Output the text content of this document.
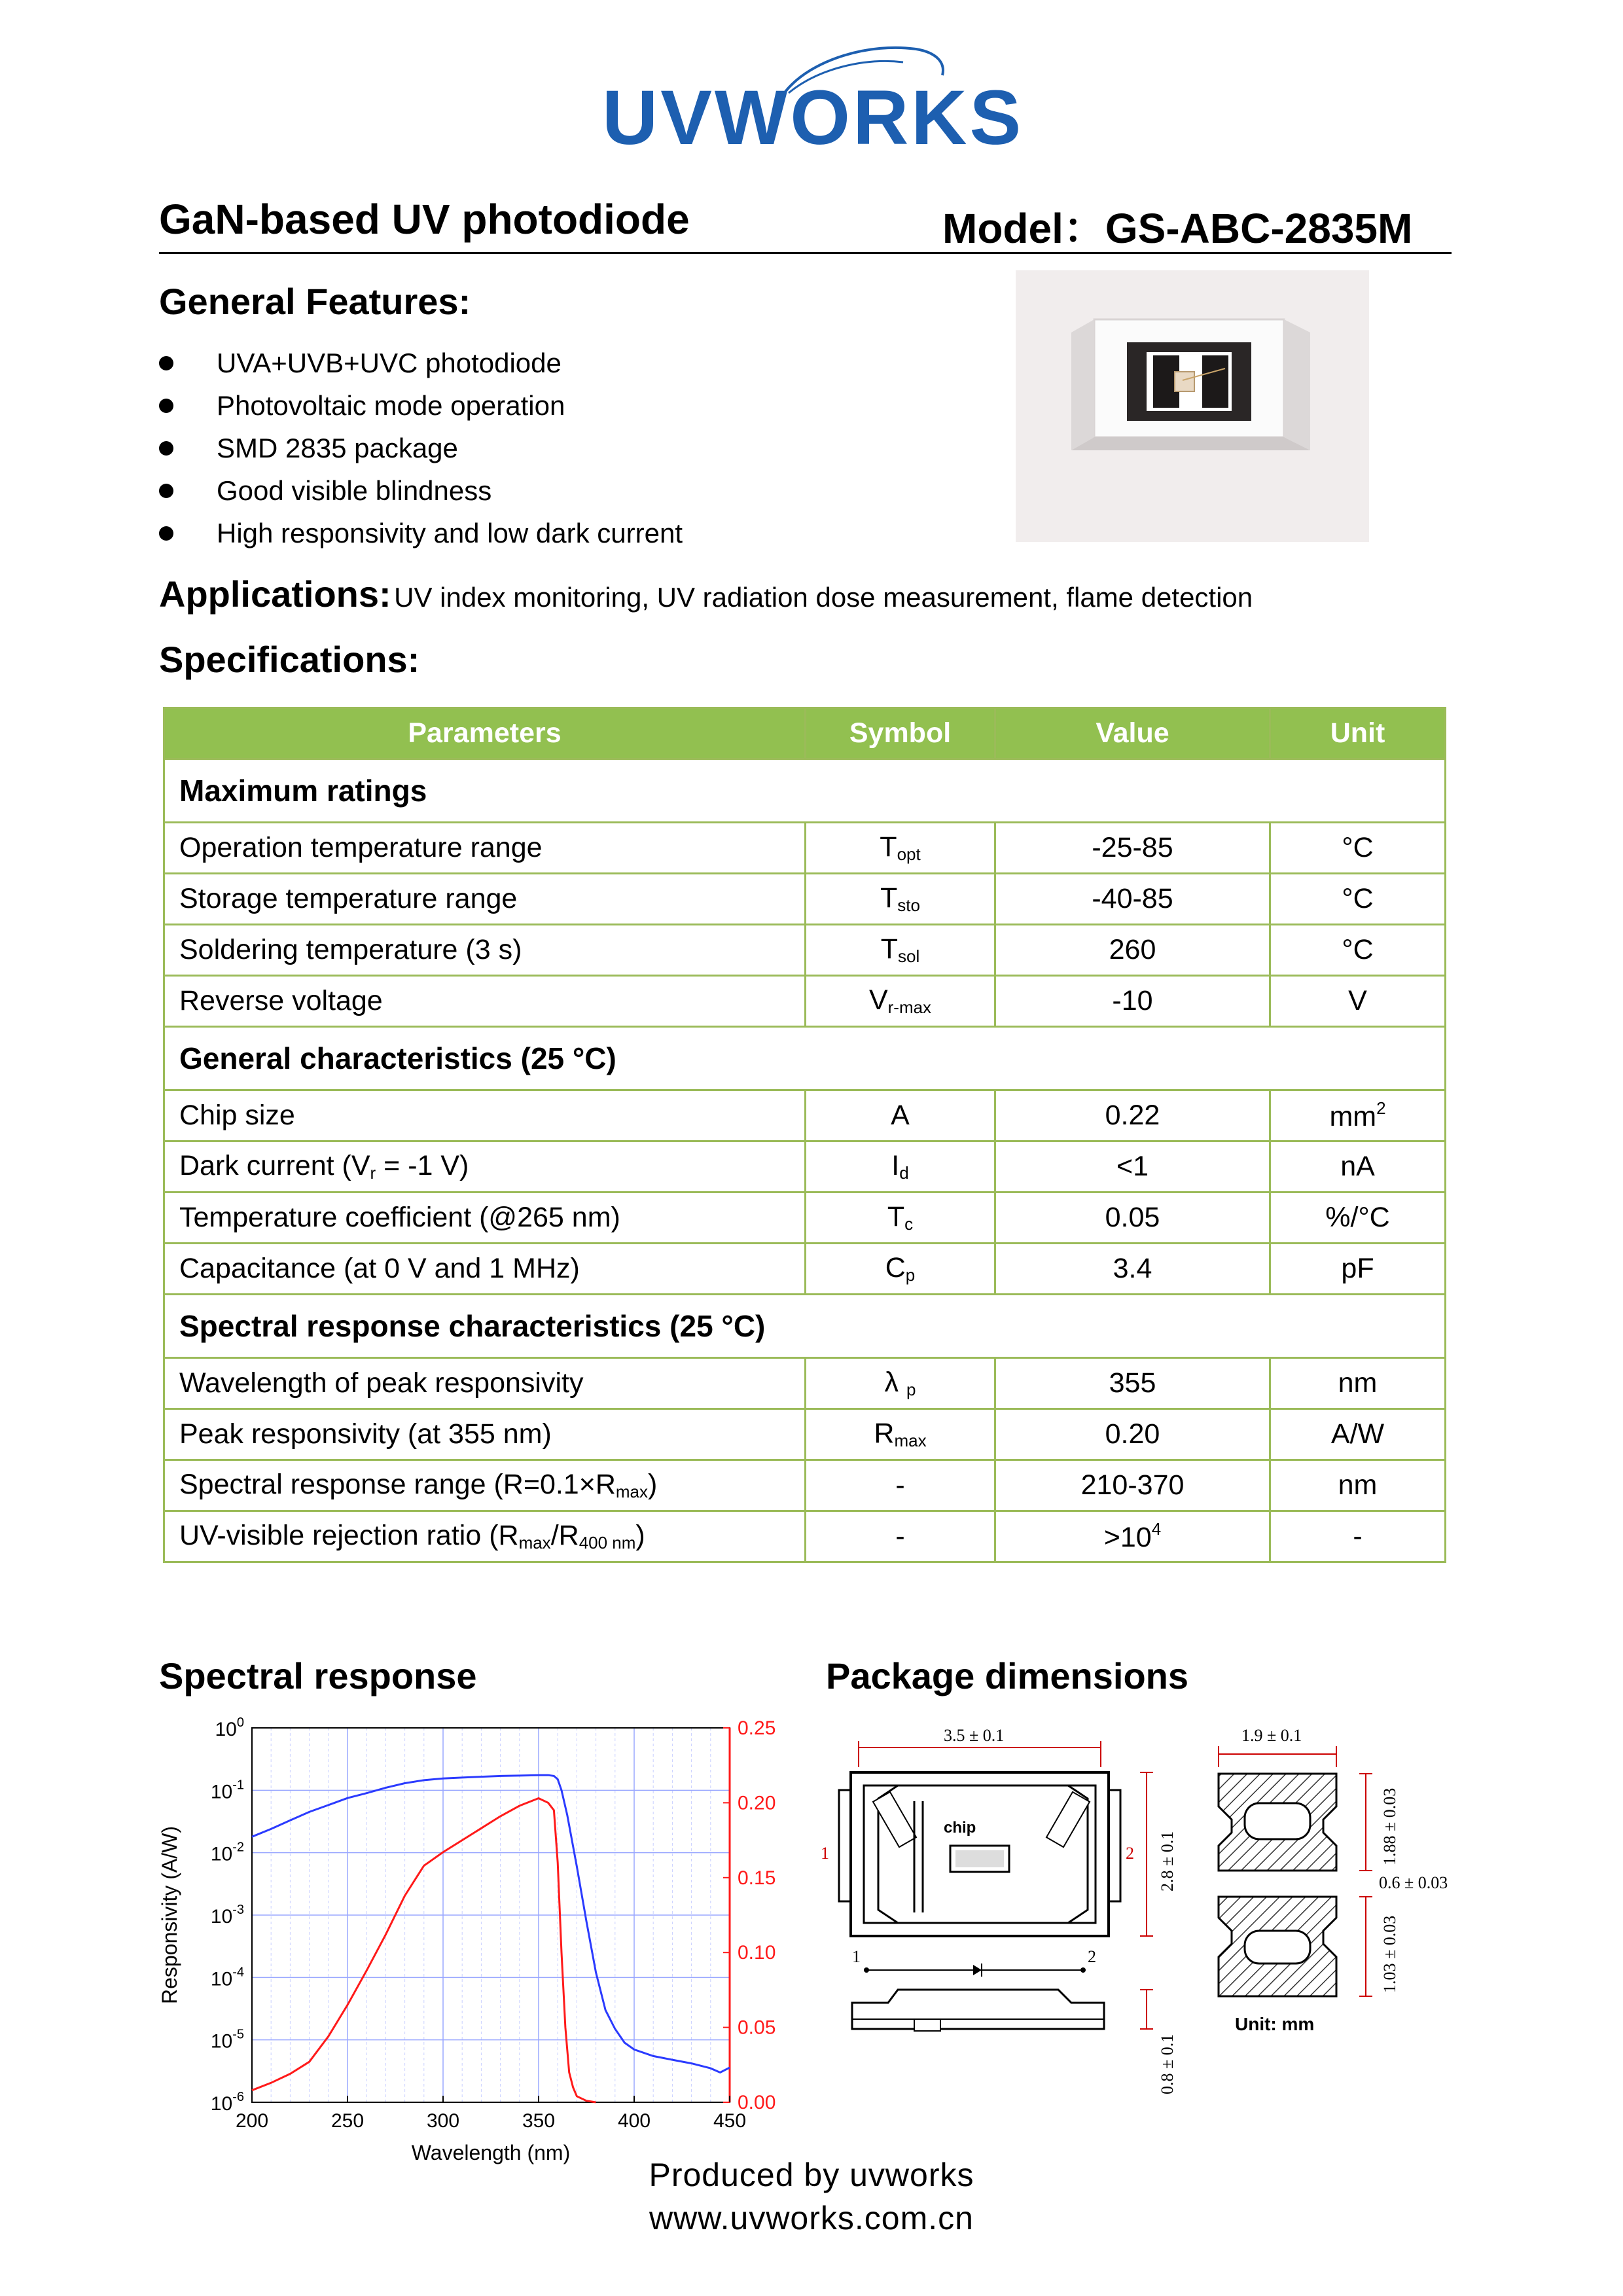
UVWORKS
GaN-based UV photodiode	Model：GS-ABC-2835M
General Features:
UVA+UVB+UVC photodiode
Photovoltaic mode operation
SMD 2835 package
Good visible blindness
High responsivity and low dark current
Applications: UV index monitoring, UV radiation dose measurement, flame detection
Specifications:
Parameters	Symbol	Value	Unit
Maximum ratings			
Operation temperature range	$T_{opt}$	-25-85	°C
Storage temperature range	$T_{sto}$	-40-85	°C
Soldering temperature (3 s)	$T_{sol}$	260	°C
Reverse voltage	$V_{r-max}$	-10	V
General characteristics (25 °C)			
Chip size	A	0.22	$mm^2$
Dark current ($V_r = -1$ V)	$I_d$	<1	nA
Temperature coefficient (@265 nm)	$T_c$	0.05	%/°C
Capacitance (at 0 V and 1 MHz)	$C_p$	3.4	pF
Spectral response characteristics (25 °C)			
Wavelength of peak responsivity	λ $_p$	355	nm
Peak responsivity (at 355 nm)	$R_{max}$	0.20	A/W
Spectral response range $(R=0.1\times R_{max})$	-	210-370	nm
UV-visible rejection ratio $(R_{max}/R_{400 nm})$	-	$>10^4$	-
Spectral response
200	250	300	350	400	450
$10^0$
$10^{-1}$
$10^{-2}$
$10^{-3}$
$10^{-4}$
$10^{-5}$
$10^{-6}$
0.25
0.20
0.15
0.10
0.05
0.00
Wavelength (nm)
Responsivity (A/W)
Package dimensions
3.5 ± 0.1
chip
1	2 2.8 ± 0.1
1	2
0.8 ± 0.1
1.9 ± 0.1
1.88 ± 0.03
0.6 ± 0.03
1.03 ± 0.03
Unit: mm
Produced by uvworks
www.uvworks.com.cn
